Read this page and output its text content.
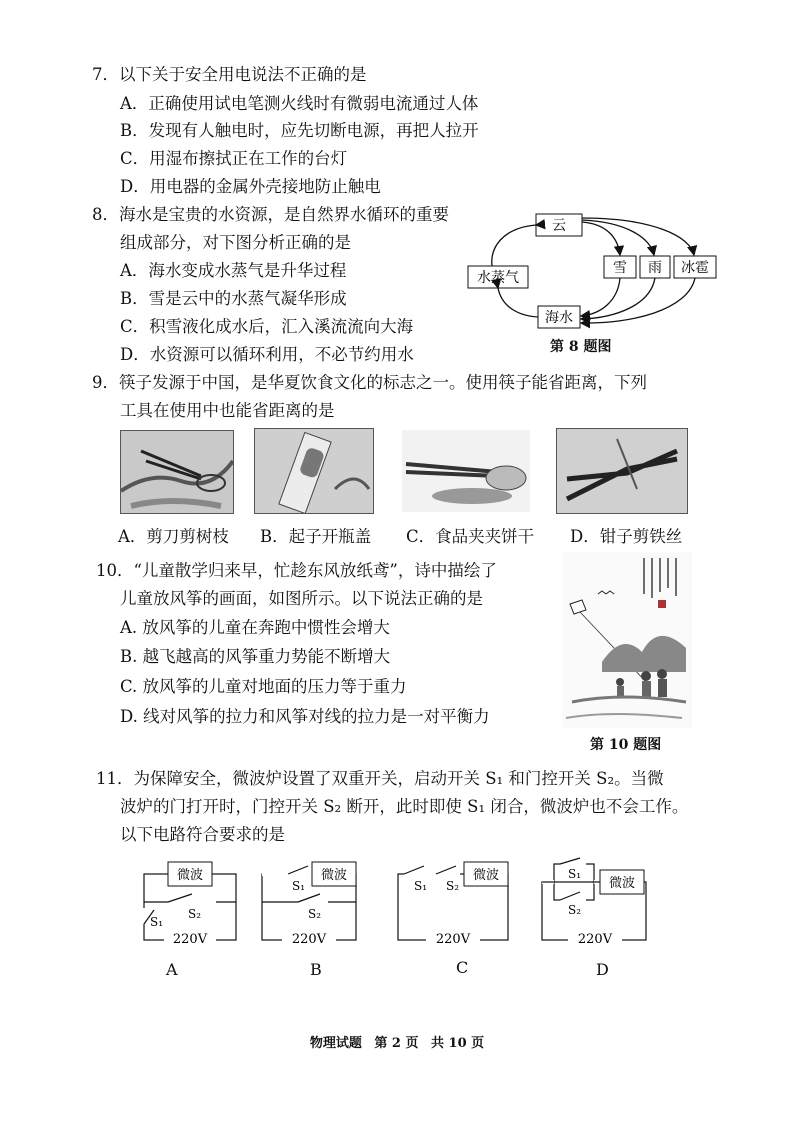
7．以下关于安全用电说法不正确的是
A．正确使用试电笔测火线时有微弱电流通过人体
B．发现有人触电时，应先切断电源，再把人拉开
C．用湿布擦拭正在工作的台灯
D．用电器的金属外壳接地防止触电
8．海水是宝贵的水资源，是自然界水循环的重要
组成部分，对下图分析正确的是
A．海水变成水蒸气是升华过程
B．雪是云中的水蒸气凝华形成
C．积雪液化成水后，汇入溪流流向大海
D．水资源可以循环利用，不必节约用水
云
水蒸气
雪 雨 冰雹
海水
第 8 题图
9．筷子发源于中国，是华夏饮食文化的标志之一。使用筷子能省距离，下列
工具在使用中也能省距离的是
A．剪刀剪树枝 B．起子开瓶盖 C．食品夹夹饼干 D．钳子剪铁丝
10．“儿童散学归来早，忙趁东风放纸鸢”，诗中描绘了
儿童放风筝的画面，如图所示。以下说法正确的是
A. 放风筝的儿童在奔跑中惯性会增大
B. 越飞越高的风筝重力势能不断增大
C. 放风筝的儿童对地面的压力等于重力
D. 线对风筝的拉力和风筝对线的拉力是一对平衡力
第 10 题图
11．为保障安全，微波炉设置了双重开关，启动开关 S₁ 和门控开关 S₂。当微
波炉的门打开时，门控开关 S₂ 断开，此时即使 S₁ 闭合，微波炉也不会工作。
以下电路符合要求的是
微波
S₂
S₁
220V
S₁
微波
S₂
220V
S₁ S₂
微波
220V
S₁
S₂
微波
220V
A	B	C	D
物理试题 第 2 页 共 10 页
